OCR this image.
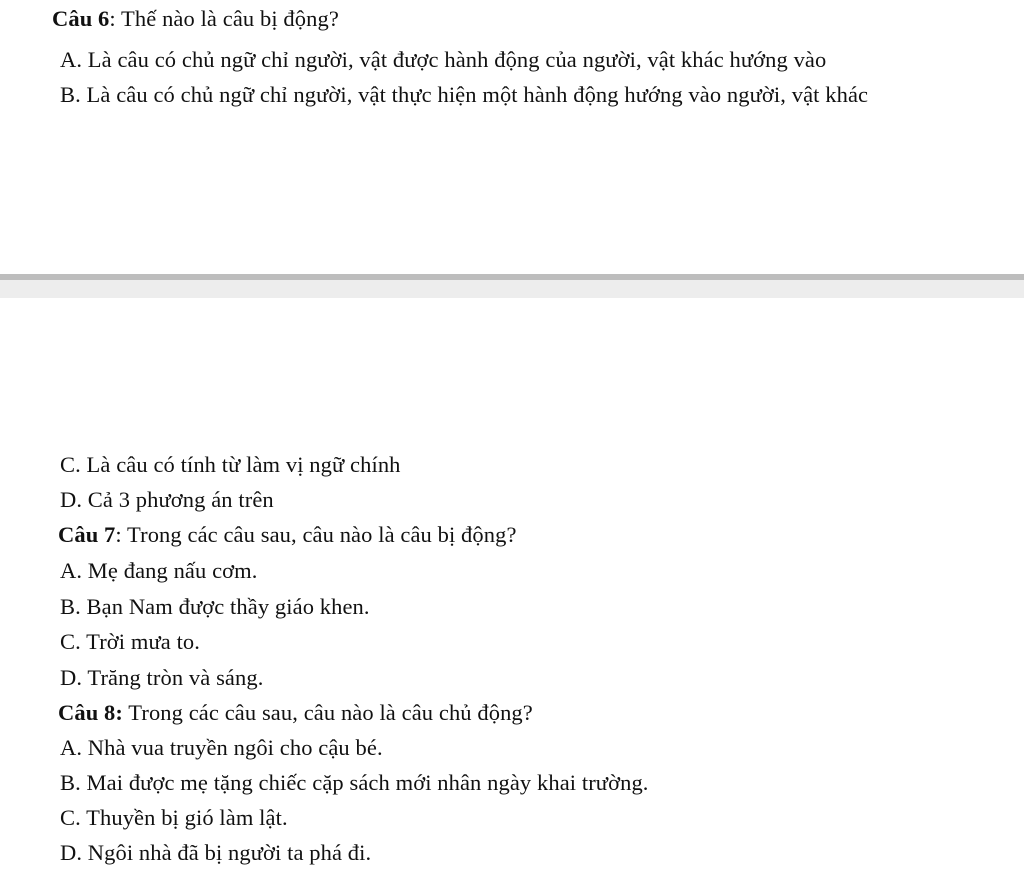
Câu 6: Thế nào là câu bị động?
A. Là câu có chủ ngữ chỉ người, vật được hành động của người, vật khác hướng vào
B. Là câu có chủ ngữ chỉ người, vật thực hiện một hành động hướng vào người, vật khác
C. Là câu có tính từ làm vị ngữ chính
D. Cả 3 phương án trên
Câu 7: Trong các câu sau, câu nào là câu bị động?
A. Mẹ đang nấu cơm.
B. Bạn Nam được thầy giáo khen.
C. Trời mưa to.
D. Trăng tròn và sáng.
Câu 8: Trong các câu sau, câu nào là câu chủ động?
A. Nhà vua truyền ngôi cho cậu bé.
B. Mai được mẹ tặng chiếc cặp sách mới nhân ngày khai trường.
C. Thuyền bị gió làm lật.
D. Ngôi nhà đã bị người ta phá đi.
